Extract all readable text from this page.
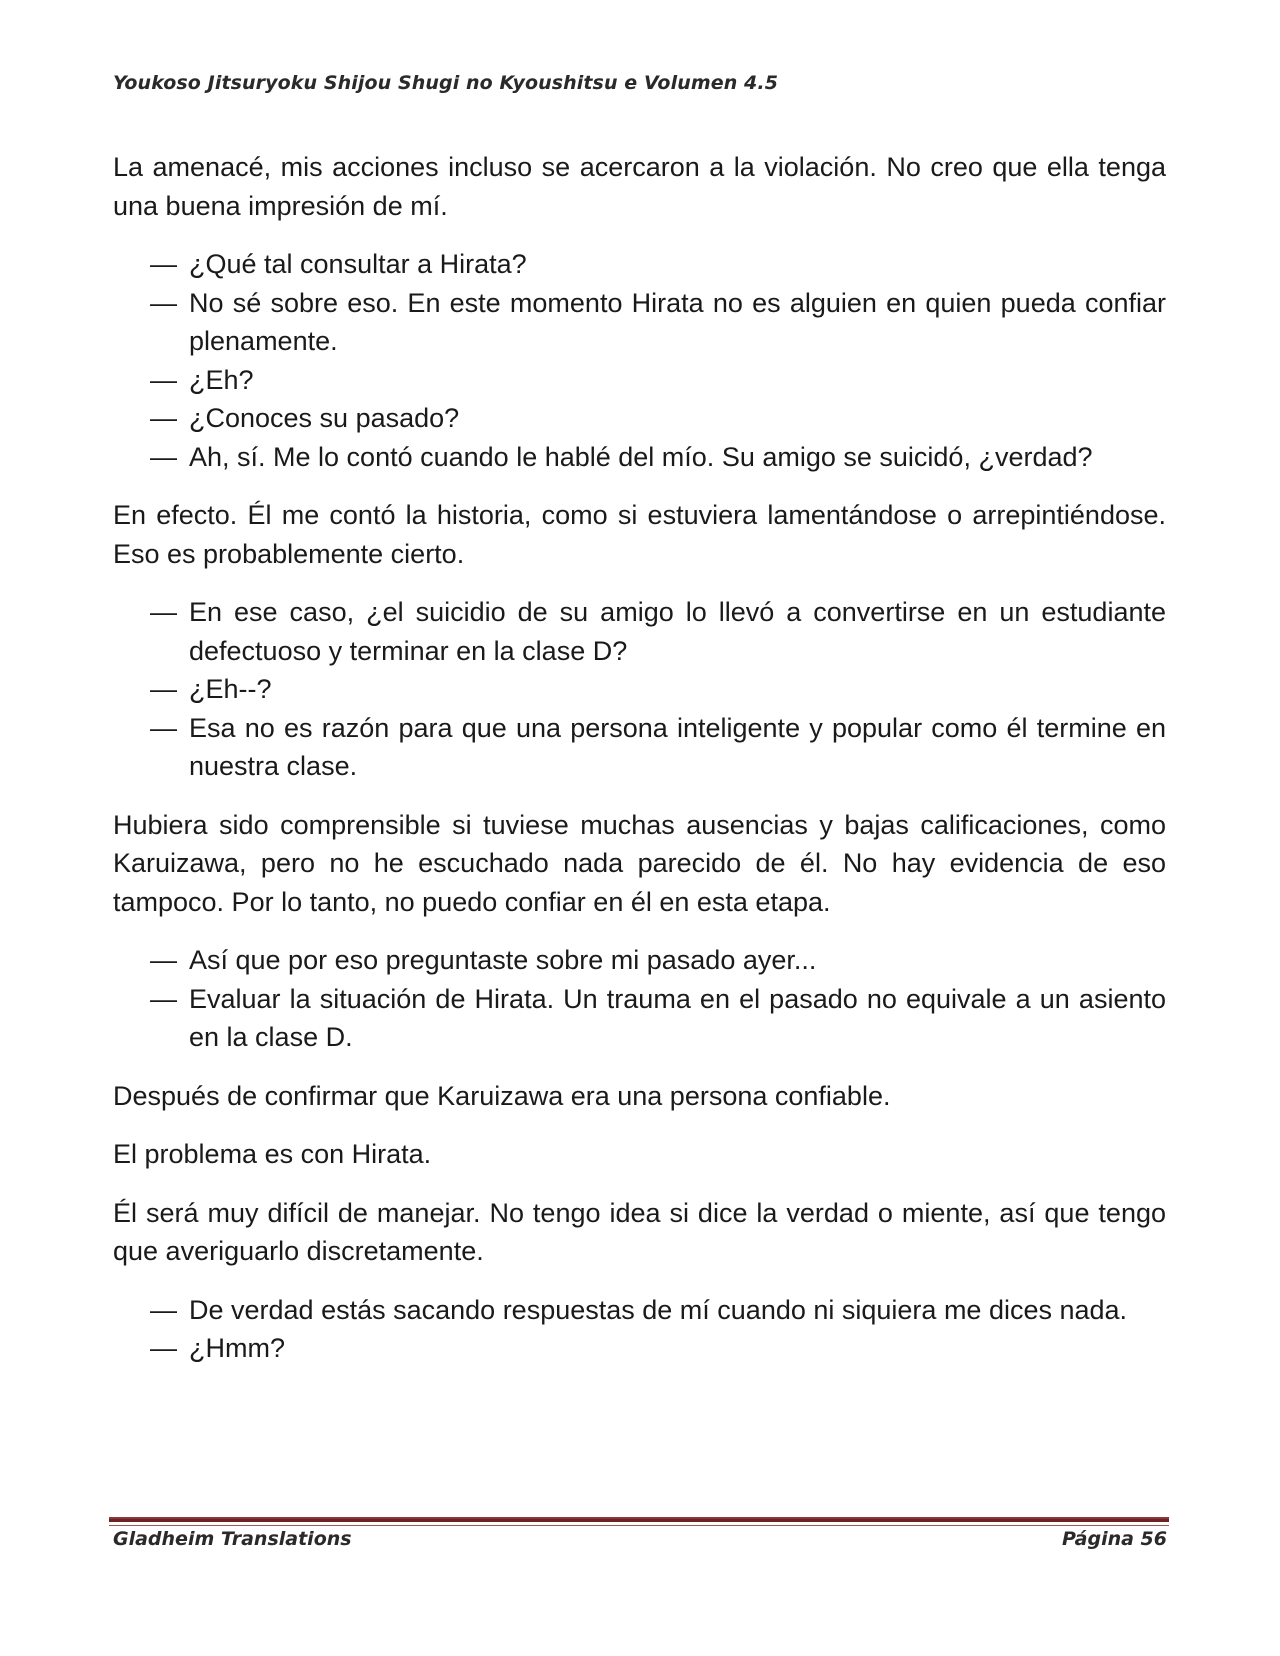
Youkoso Jitsuryoku Shijou Shugi no Kyoushitsu e Volumen 4.5

La amenacé, mis acciones incluso se acercaron a la violación. No creo que ella tenga una buena impresión de mí.

— ¿Qué tal consultar a Hirata?
— No sé sobre eso. En este momento Hirata no es alguien en quien pueda confiar plenamente.
— ¿Eh?
— ¿Conoces su pasado?
— Ah, sí. Me lo contó cuando le hablé del mío. Su amigo se suicidó, ¿verdad?

En efecto. Él me contó la historia, como si estuviera lamentándose o arrepintiéndose. Eso es probablemente cierto.

— En ese caso, ¿el suicidio de su amigo lo llevó a convertirse en un estudiante defectuoso y terminar en la clase D?
— ¿Eh--?
— Esa no es razón para que una persona inteligente y popular como él termine en nuestra clase.

Hubiera sido comprensible si tuviese muchas ausencias y bajas calificaciones, como Karuizawa, pero no he escuchado nada parecido de él. No hay evidencia de eso tampoco. Por lo tanto, no puedo confiar en él en esta etapa.

— Así que por eso preguntaste sobre mi pasado ayer...
— Evaluar la situación de Hirata. Un trauma en el pasado no equivale a un asiento en la clase D.

Después de confirmar que Karuizawa era una persona confiable.

El problema es con Hirata.

Él será muy difícil de manejar. No tengo idea si dice la verdad o miente, así que tengo que averiguarlo discretamente.

— De verdad estás sacando respuestas de mí cuando ni siquiera me dices nada.
— ¿Hmm?
Gladheim Translations	Página 56
